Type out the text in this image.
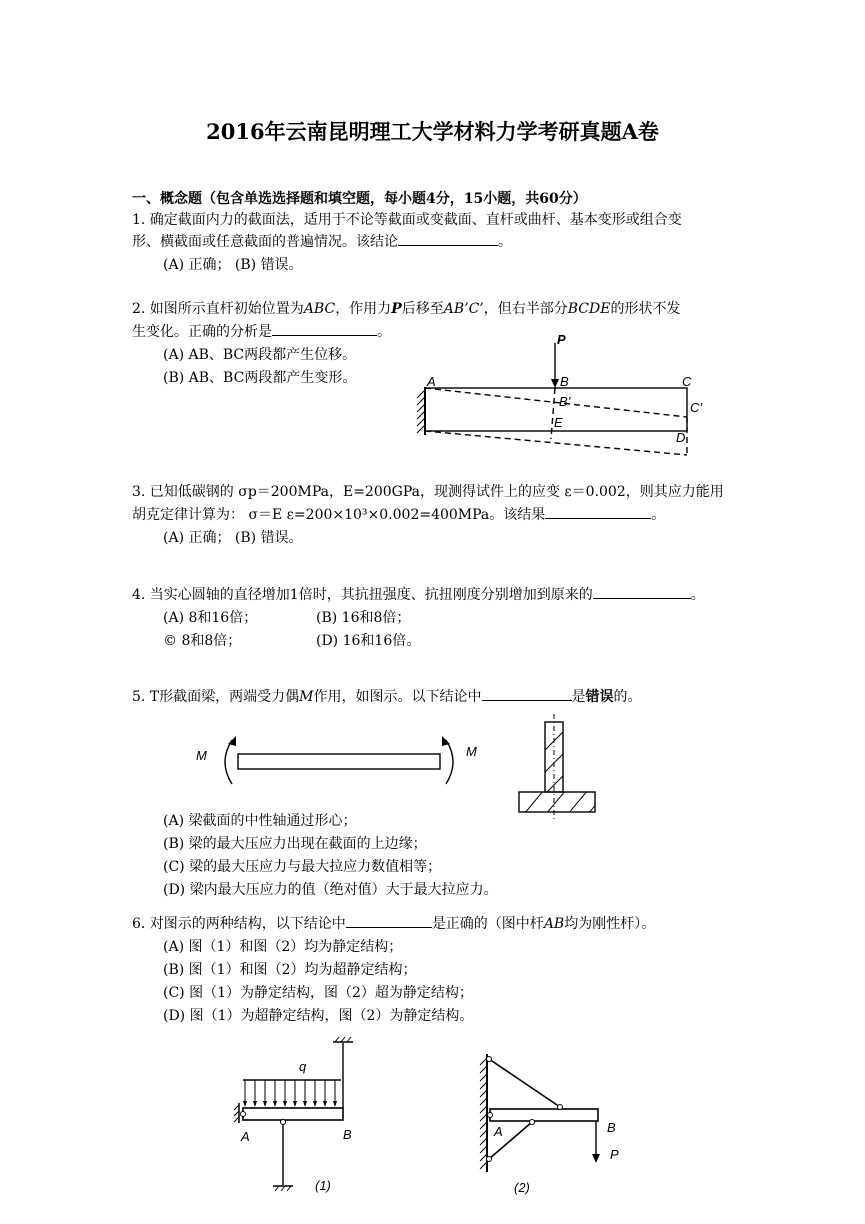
2016年云南昆明理工大学材料力学考研真题A卷
一、概念题（包含单选选择题和填空题，每小题4分，15小题，共60分）
1. 确定截面内力的截面法，适用于不论等截面或变截面、直杆或曲杆、基本变形或组合变
形、横截面或任意截面的普遍情况。该结论	。
(A) 正确； (B) 错误。
2. 如图所示直杆初始位置为ABC，作用力P后移至AB’C’，但右半部分BCDE的形状不发
生变化。正确的分析是	。
(A) AB、BC两段都产生位移。
(B) AB、BC两段都产生变形。	A
P
B	C
B’	C’
E
D
3. 已知低碳钢的 σp＝200MPa，E=200GPa，现测得试件上的应变 ε＝0.002，则其应力能用
胡克定律计算为： σ＝E ε=200×10³×0.002=400MPa。该结果	。
(A) 正确； (B) 错误。
4. 当实心圆轴的直径增加1倍时，其抗扭强度、抗扭刚度分别增加到原来的	。
(A) 8和16倍；	(B) 16和8倍；
© 8和8倍；	(D) 16和16倍。
5. T形截面梁，两端受力偶M作用，如图示。以下结论中	是错误的。
M	M
(A) 梁截面的中性轴通过形心；
(B) 梁的最大压应力出现在截面的上边缘；
(C) 梁的最大压应力与最大拉应力数值相等；
(D) 梁内最大压应力的值（绝对值）大于最大拉应力。
6. 对图示的两种结构，以下结论中	是正确的（图中杆AB均为刚性杆）。
(A) 图（1）和图（2）均为静定结构；
(B) 图（1）和图（2）均为超静定结构；
(C) 图（1）为静定结构，图（2）超为静定结构；
(D) 图（1）为超静定结构，图（2）为静定结构。
q
A	B
(1)
A	B
P
(2)
